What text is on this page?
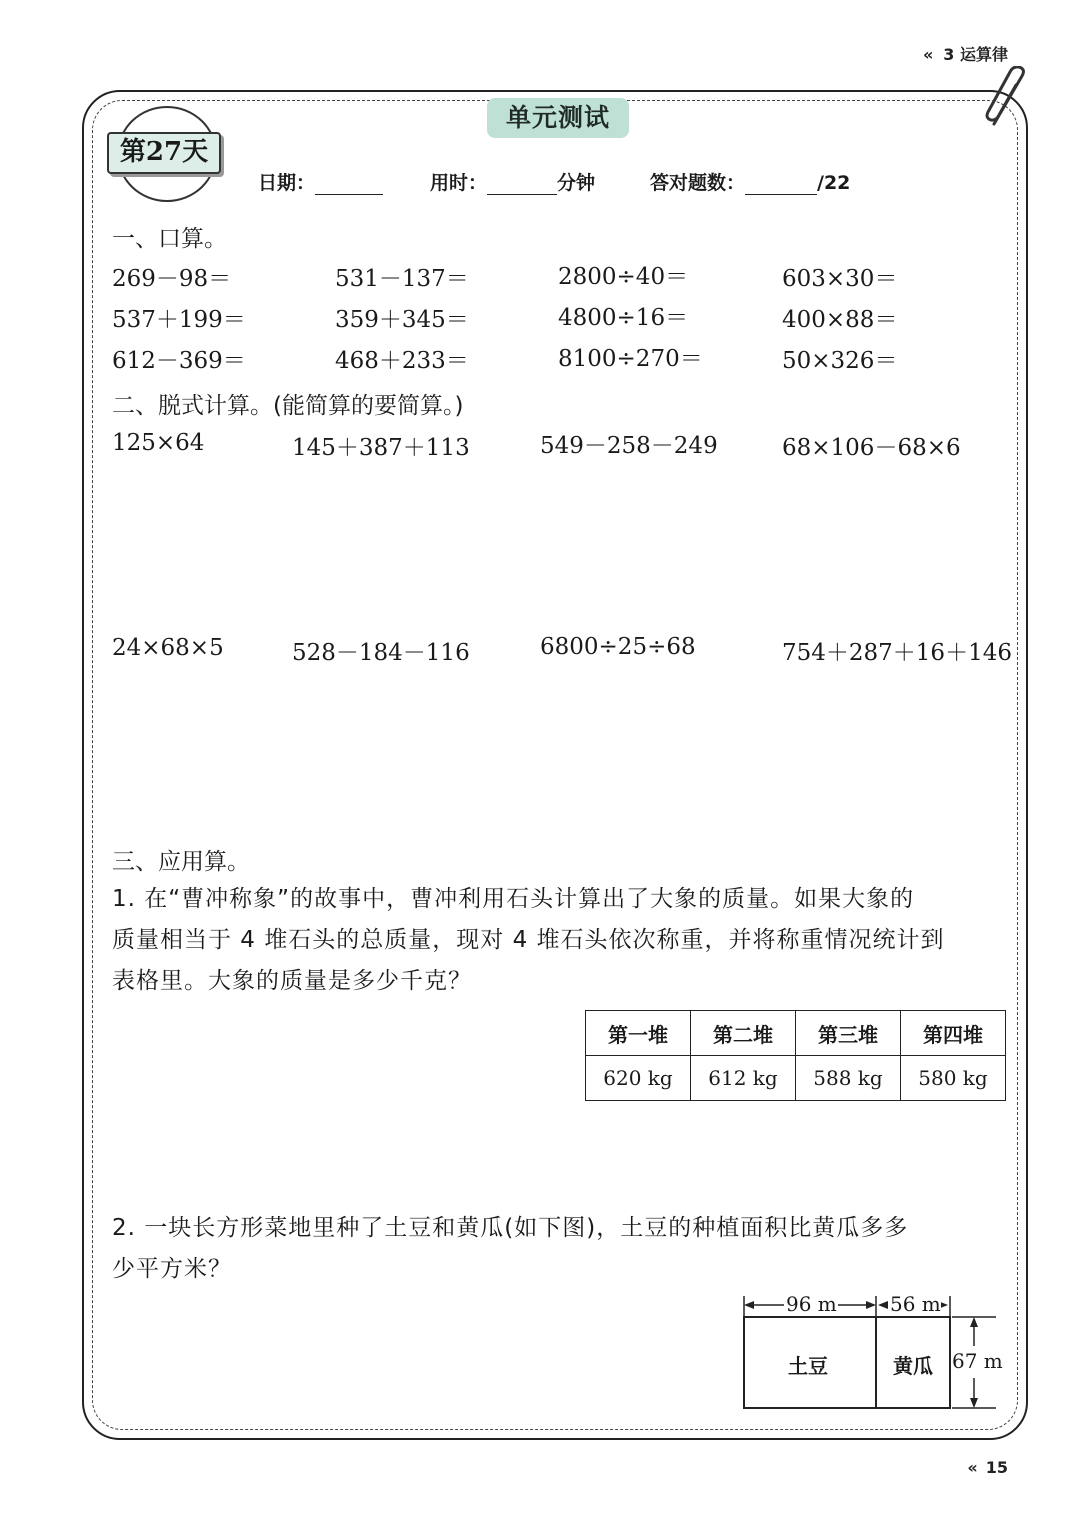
« 3 运算律
单元测试
第27天
日期：	用时：	分钟	答对题数：	/22
一、口算。
269－98＝	531－137＝	2800÷40＝	603×30＝
537＋199＝	359＋345＝	4800÷16＝	400×88＝
612－369＝	468＋233＝	8100÷270＝	50×326＝
二、脱式计算。(能简算的要简算。)
125×64	145＋387＋113	549－258－249	68×106－68×6
24×68×5	528－184－116	6800÷25÷68	754＋287＋16＋146
三、应用算。
1. 在“曹冲称象”的故事中，曹冲利用石头计算出了大象的质量。如果大象的
质量相当于 4 堆石头的总质量，现对 4 堆石头依次称重，并将称重情况统计到
表格里。大象的质量是多少千克？
第一堆	第二堆	第三堆	第四堆
620 kg	612 kg	588 kg	580 kg
2. 一块长方形菜地里种了土豆和黄瓜(如下图)，土豆的种植面积比黄瓜多多
少平方米？
96 m	56 m
67 m
土豆	黄瓜
« 15
